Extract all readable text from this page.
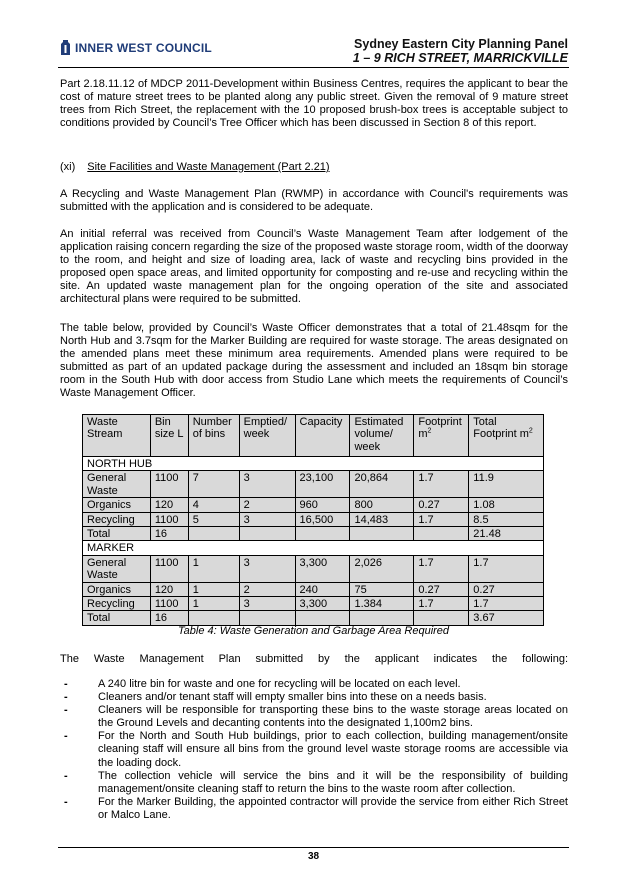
INNER WEST COUNCIL	Sydney Eastern City Planning Panel
1 – 9 RICH STREET, MARRICKVILLE
Part 2.18.11.12 of MDCP 2011-Development within Business Centres, requires the applicant to bear the cost of mature street trees to be planted along any public street. Given the removal of 9 mature street trees from Rich Street, the replacement with the 10 proposed brush-box trees is acceptable subject to conditions provided by Council’s Tree Officer which has been discussed in Section 8 of this report.
(xi) Site Facilities and Waste Management (Part 2.21)
A Recycling and Waste Management Plan (RWMP) in accordance with Council's requirements was submitted with the application and is considered to be adequate.
An initial referral was received from Council’s Waste Management Team after lodgement of the application raising concern regarding the size of the proposed waste storage room, width of the doorway to the room, and height and size of loading area, lack of waste and recycling bins provided in the proposed open space areas, and limited opportunity for composting and re-use and recycling within the site. An updated waste management plan for the ongoing operation of the site and associated architectural plans were required to be submitted.
The table below, provided by Council’s Waste Officer demonstrates that a total of 21.48sqm for the North Hub and 3.7sqm for the Marker Building are required for waste storage. The areas designated on the amended plans meet these minimum area requirements. Amended plans were required to be submitted as part of an updated package during the assessment and included an 18sqm bin storage room in the South Hub with door access from Studio Lane which meets the requirements of Council’s Waste Management Officer.
Waste Stream	Bin size L	Number of bins	Emptied/ week	Capacity	Estimated volume/ week	Footprint $m^2$	Total Footprint $m^2$
NORTH HUB							
General Waste	1100	7	3	23,100	20,864	1.7	11.9
Organics	120	4	2	960	800	0.27	1.08
Recycling	1100	5	3	16,500	14,483	1.7	8.5
Total	16						21.48
MARKER							
General Waste	1100	1	3	3,300	2,026	1.7	1.7
Organics	120	1	2	240	75	0.27	0.27
Recycling	1100	1	3	3,300	1.384	1.7	1.7
Total	16						3.67
Table 4: Waste Generation and Garbage Area Required
The Waste Management Plan submitted by the applicant indicates the following:
-	A 240 litre bin for waste and one for recycling will be located on each level.
-	Cleaners and/or tenant staff will empty smaller bins into these on a needs basis.
-	Cleaners will be responsible for transporting these bins to the waste storage areas located on the Ground Levels and decanting contents into the designated 1,100m2 bins.
-	For the North and South Hub buildings, prior to each collection, building management/onsite cleaning staff will ensure all bins from the ground level waste storage rooms are accessible via the loading dock.
-	The collection vehicle will service the bins and it will be the responsibility of building management/onsite cleaning staff to return the bins to the waste room after collection.
-	For the Marker Building, the appointed contractor will provide the service from either Rich Street or Malco Lane.
38
